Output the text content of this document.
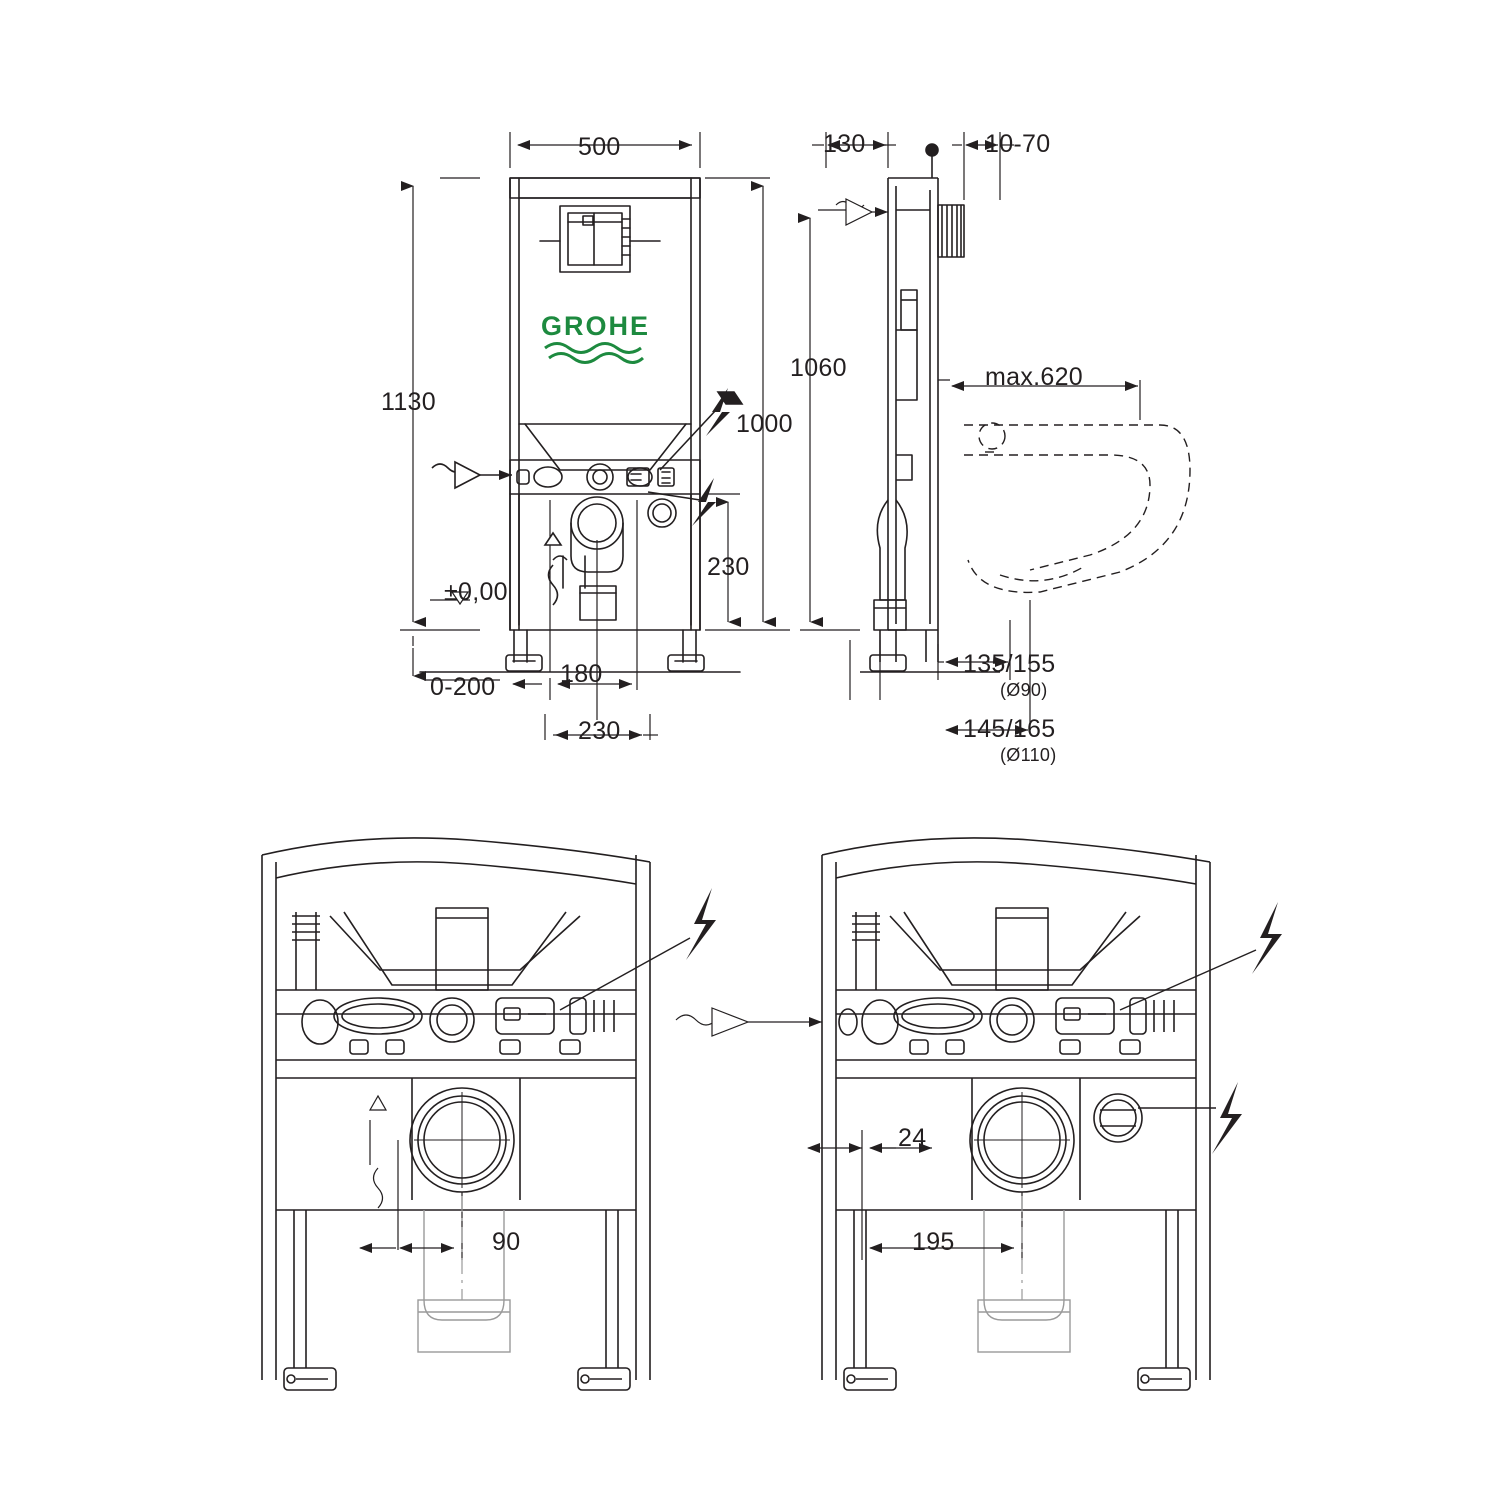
GROHE
500
1130
1000
230
±0,00
0-200	180
230
130	10-70
1060	max.620
135/155
(Ø90)
145/165
(Ø110)
90
24
195
